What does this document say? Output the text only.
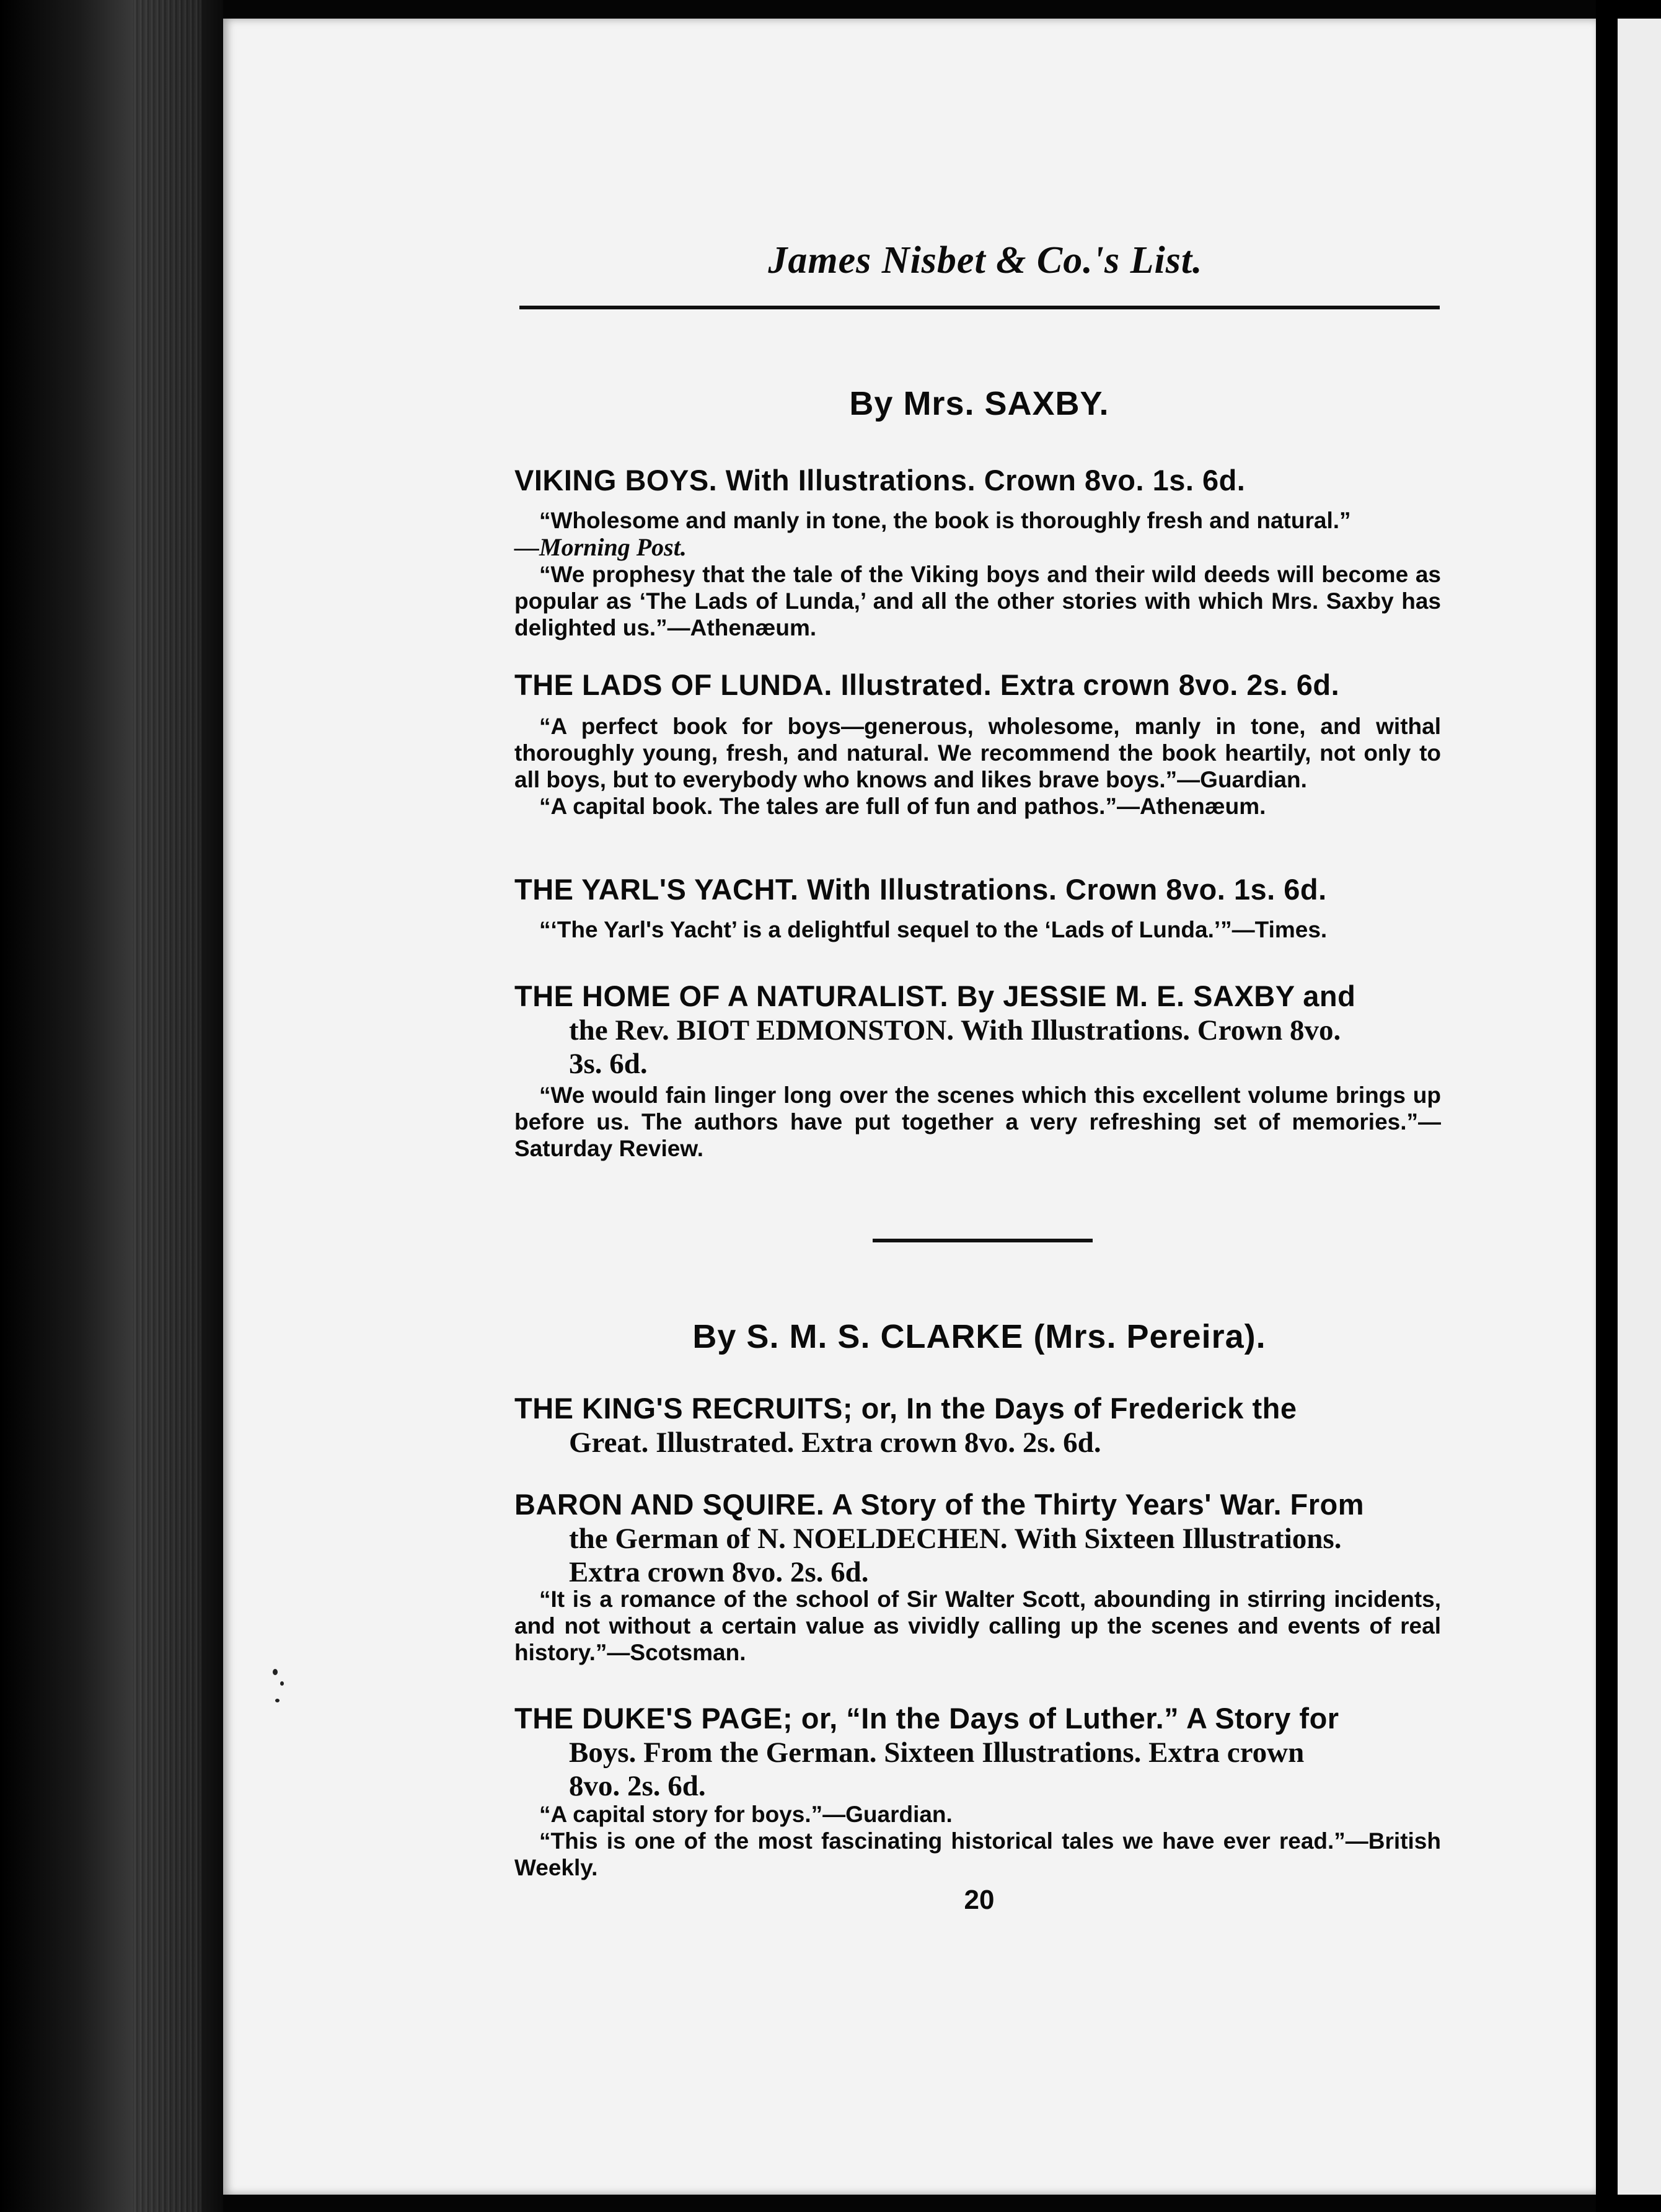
James Nisbet & Co.'s List.
By Mrs. SAXBY.
VIKING BOYS. With Illustrations. Crown 8vo. 1s. 6d.
“Wholesome and manly in tone, the book is thoroughly fresh and natural.”
—Morning Post.
“We prophesy that the tale of the Viking boys and their wild deeds will become as popular as ‘The Lads of Lunda,’ and all the other stories with which Mrs. Saxby has delighted us.”—Athenæum.
THE LADS OF LUNDA. Illustrated. Extra crown 8vo. 2s. 6d.
“A perfect book for boys—generous, wholesome, manly in tone, and withal thoroughly young, fresh, and natural. We recommend the book heartily, not only to all boys, but to everybody who knows and likes brave boys.”—Guardian.
“A capital book. The tales are full of fun and pathos.”—Athenæum.
THE YARL'S YACHT. With Illustrations. Crown 8vo. 1s. 6d.
“‘The Yarl's Yacht’ is a delightful sequel to the ‘Lads of Lunda.’”—Times.
THE HOME OF A NATURALIST. By JESSIE M. E. SAXBY and
the Rev. BIOT EDMONSTON. With Illustrations. Crown 8vo.
3s. 6d.
“We would fain linger long over the scenes which this excellent volume brings up before us. The authors have put together a very refreshing set of memories.”—Saturday Review.
By S. M. S. CLARKE (Mrs. Pereira).
THE KING'S RECRUITS; or, In the Days of Frederick the
Great. Illustrated. Extra crown 8vo. 2s. 6d.
BARON AND SQUIRE. A Story of the Thirty Years' War. From
the German of N. NOELDECHEN. With Sixteen Illustrations.
Extra crown 8vo. 2s. 6d.
“It is a romance of the school of Sir Walter Scott, abounding in stirring incidents, and not without a certain value as vividly calling up the scenes and events of real history.”—Scotsman.
THE DUKE'S PAGE; or, “In the Days of Luther.” A Story for
Boys. From the German. Sixteen Illustrations. Extra crown
8vo. 2s. 6d.
“A capital story for boys.”—Guardian.
“This is one of the most fascinating historical tales we have ever read.”—British Weekly.
20
